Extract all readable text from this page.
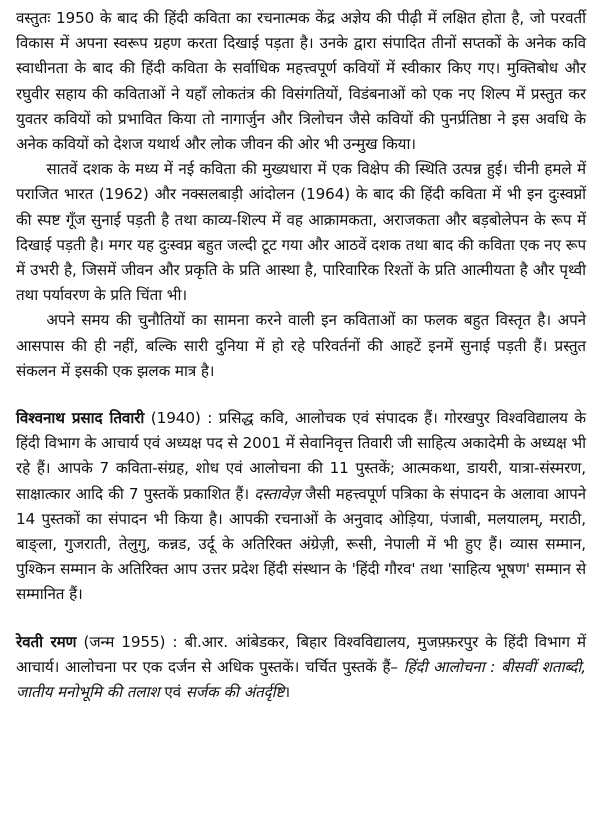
वस्तुतः 1950 के बाद की हिंदी कविता का रचनात्मक केंद्र अज्ञेय की पीढ़ी में लक्षित होता है, जो परवर्ती विकास में अपना स्वरूप ग्रहण करता दिखाई पड़ता है। उनके द्वारा संपादित तीनों सप्तकों के अनेक कवि स्वाधीनता के बाद की हिंदी कविता के सर्वाधिक महत्त्वपूर्ण कवियों में स्वीकार किए गए। मुक्तिबोध और रघुवीर सहाय की कविताओं ने यहाँ लोकतंत्र की विसंगतियों, विडंबनाओं को एक नए शिल्प में प्रस्तुत कर युवतर कवियों को प्रभावित किया तो नागार्जुन और त्रिलोचन जैसे कवियों की पुनर्प्रतिष्ठा ने इस अवधि के अनेक कवियों को देशज यथार्थ और लोक जीवन की ओर भी उन्मुख किया।

सातवें दशक के मध्य में नई कविता की मुख्यधारा में एक विक्षेप की स्थिति उत्पन्न हुई। चीनी हमले में पराजित भारत (1962) और नक्सलबाड़ी आंदोलन (1964) के बाद की हिंदी कविता में भी इन दुःस्वप्नों की स्पष्ट गूँज सुनाई पड़ती है तथा काव्य-शिल्प में वह आक्रामकता, अराजकता और बड़बोलेपन के रूप में दिखाई पड़ती है। मगर यह दुःस्वप्न बहुत जल्दी टूट गया और आठवें दशक तथा बाद की कविता एक नए रूप में उभरी है, जिसमें जीवन और प्रकृति के प्रति आस्था है, पारिवारिक रिश्तों के प्रति आत्मीयता है और पृथ्वी तथा पर्यावरण के प्रति चिंता भी।

अपने समय की चुनौतियों का सामना करने वाली इन कविताओं का फलक बहुत विस्तृत है। अपने आसपास की ही नहीं, बल्कि सारी दुनिया में हो रहे परिवर्तनों की आहटें इनमें सुनाई पड़ती हैं। प्रस्तुत संकलन में इसकी एक झलक मात्र है।

विश्वनाथ प्रसाद तिवारी (1940) : प्रसिद्ध कवि, आलोचक एवं संपादक हैं। गोरखपुर विश्वविद्यालय के हिंदी विभाग के आचार्य एवं अध्यक्ष पद से 2001 में सेवानिवृत्त तिवारी जी साहित्य अकादेमी के अध्यक्ष भी रहे हैं। आपके 7 कविता-संग्रह, शोध एवं आलोचना की 11 पुस्तकें; आत्मकथा, डायरी, यात्रा-संस्मरण, साक्षात्कार आदि की 7 पुस्तकें प्रकाशित हैं। दस्तावेज़ जैसी महत्त्वपूर्ण पत्रिका के संपादन के अलावा आपने 14 पुस्तकों का संपादन भी किया है। आपकी रचनाओं के अनुवाद ओड़िया, पंजाबी, मलयालम्, मराठी, बाङ्ला, गुजराती, तेलुगु, कन्नड, उर्दू के अतिरिक्त अंग्रेज़ी, रूसी, नेपाली में भी हुए हैं। व्यास सम्मान, पुश्किन सम्मान के अतिरिक्त आप उत्तर प्रदेश हिंदी संस्थान के 'हिंदी गौरव' तथा 'साहित्य भूषण' सम्मान से सम्मानित हैं।

रेवती रमण (जन्म 1955) : बी.आर. आंबेडकर, बिहार विश्वविद्यालय, मुजफ़्फ़रपुर के हिंदी विभाग में आचार्य। आलोचना पर एक दर्जन से अधिक पुस्तकें। चर्चित पुस्तकें हैं– हिंदी आलोचना : बीसवीं शताब्दी, जातीय मनोभूमि की तलाश एवं सर्जक की अंतर्दृष्टि।
